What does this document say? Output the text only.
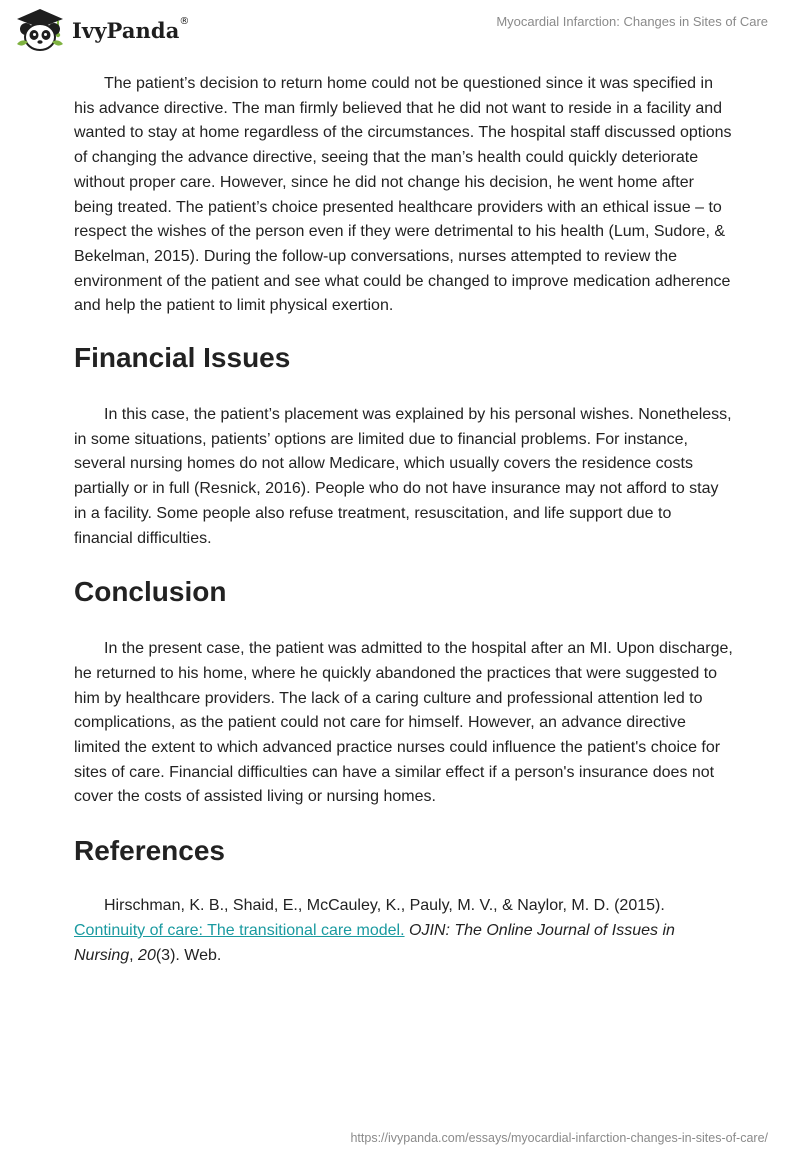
IvyPanda®	Myocardial Infarction: Changes in Sites of Care

The patient’s decision to return home could not be questioned since it was specified in his advance directive. The man firmly believed that he did not want to reside in a facility and wanted to stay at home regardless of the circumstances. The hospital staff discussed options of changing the advance directive, seeing that the man’s health could quickly deteriorate without proper care. However, since he did not change his decision, he went home after being treated. The patient’s choice presented healthcare providers with an ethical issue – to respect the wishes of the person even if they were detrimental to his health (Lum, Sudore, & Bekelman, 2015). During the follow-up conversations, nurses attempted to review the environment of the patient and see what could be changed to improve medication adherence and help the patient to limit physical exertion.

Financial Issues

In this case, the patient’s placement was explained by his personal wishes. Nonetheless, in some situations, patients’ options are limited due to financial problems. For instance, several nursing homes do not allow Medicare, which usually covers the residence costs partially or in full (Resnick, 2016). People who do not have insurance may not afford to stay in a facility. Some people also refuse treatment, resuscitation, and life support due to financial difficulties.

Conclusion

In the present case, the patient was admitted to the hospital after an MI. Upon discharge, he returned to his home, where he quickly abandoned the practices that were suggested to him by healthcare providers. The lack of a caring culture and professional attention led to complications, as the patient could not care for himself. However, an advance directive limited the extent to which advanced practice nurses could influence the patient's choice for sites of care. Financial difficulties can have a similar effect if a person's insurance does not cover the costs of assisted living or nursing homes.

References

Hirschman, K. B., Shaid, E., McCauley, K., Pauly, M. V., & Naylor, M. D. (2015). Continuity of care: The transitional care model. OJIN: The Online Journal of Issues in Nursing, 20(3). Web.

https://ivypanda.com/essays/myocardial-infarction-changes-in-sites-of-care/
